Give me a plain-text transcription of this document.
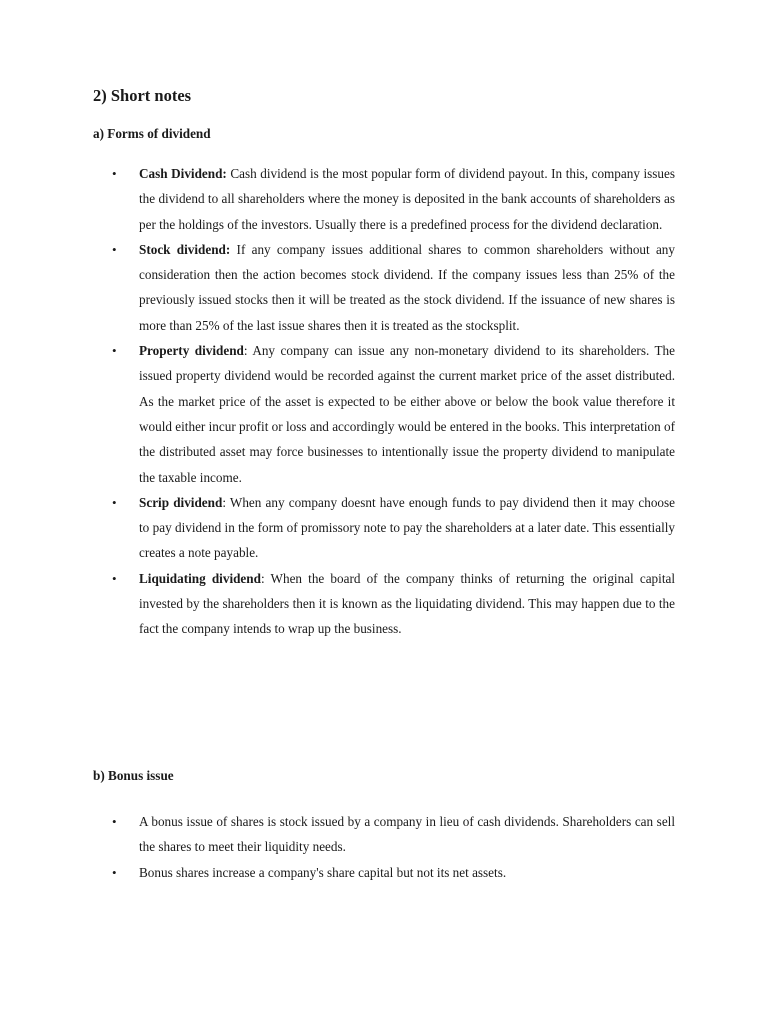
2) Short notes
a) Forms of dividend
• Cash Dividend: Cash dividend is the most popular form of dividend payout. In this, company issues the dividend to all shareholders where the money is deposited in the bank accounts of shareholders as per the holdings of the investors. Usually there is a predefined process for the dividend declaration.
• Stock dividend: If any company issues additional shares to common shareholders without any consideration then the action becomes stock dividend. If the company issues less than 25% of the previously issued stocks then it will be treated as the stock dividend. If the issuance of new shares is more than 25% of the last issue shares then it is treated as the stocksplit.
• Property dividend: Any company can issue any non-monetary dividend to its shareholders. The issued property dividend would be recorded against the current market price of the asset distributed. As the market price of the asset is expected to be either above or below the book value therefore it would either incur profit or loss and accordingly would be entered in the books. This interpretation of the distributed asset may force businesses to intentionally issue the property dividend to manipulate the taxable income.
• Scrip dividend: When any company doesnt have enough funds to pay dividend then it may choose to pay dividend in the form of promissory note to pay the shareholders at a later date. This essentially creates a note payable.
• Liquidating dividend: When the board of the company thinks of returning the original capital invested by the shareholders then it is known as the liquidating dividend. This may happen due to the fact the company intends to wrap up the business.
b) Bonus issue
• A bonus issue of shares is stock issued by a company in lieu of cash dividends. Shareholders can sell the shares to meet their liquidity needs.
• Bonus shares increase a company's share capital but not its net assets.
